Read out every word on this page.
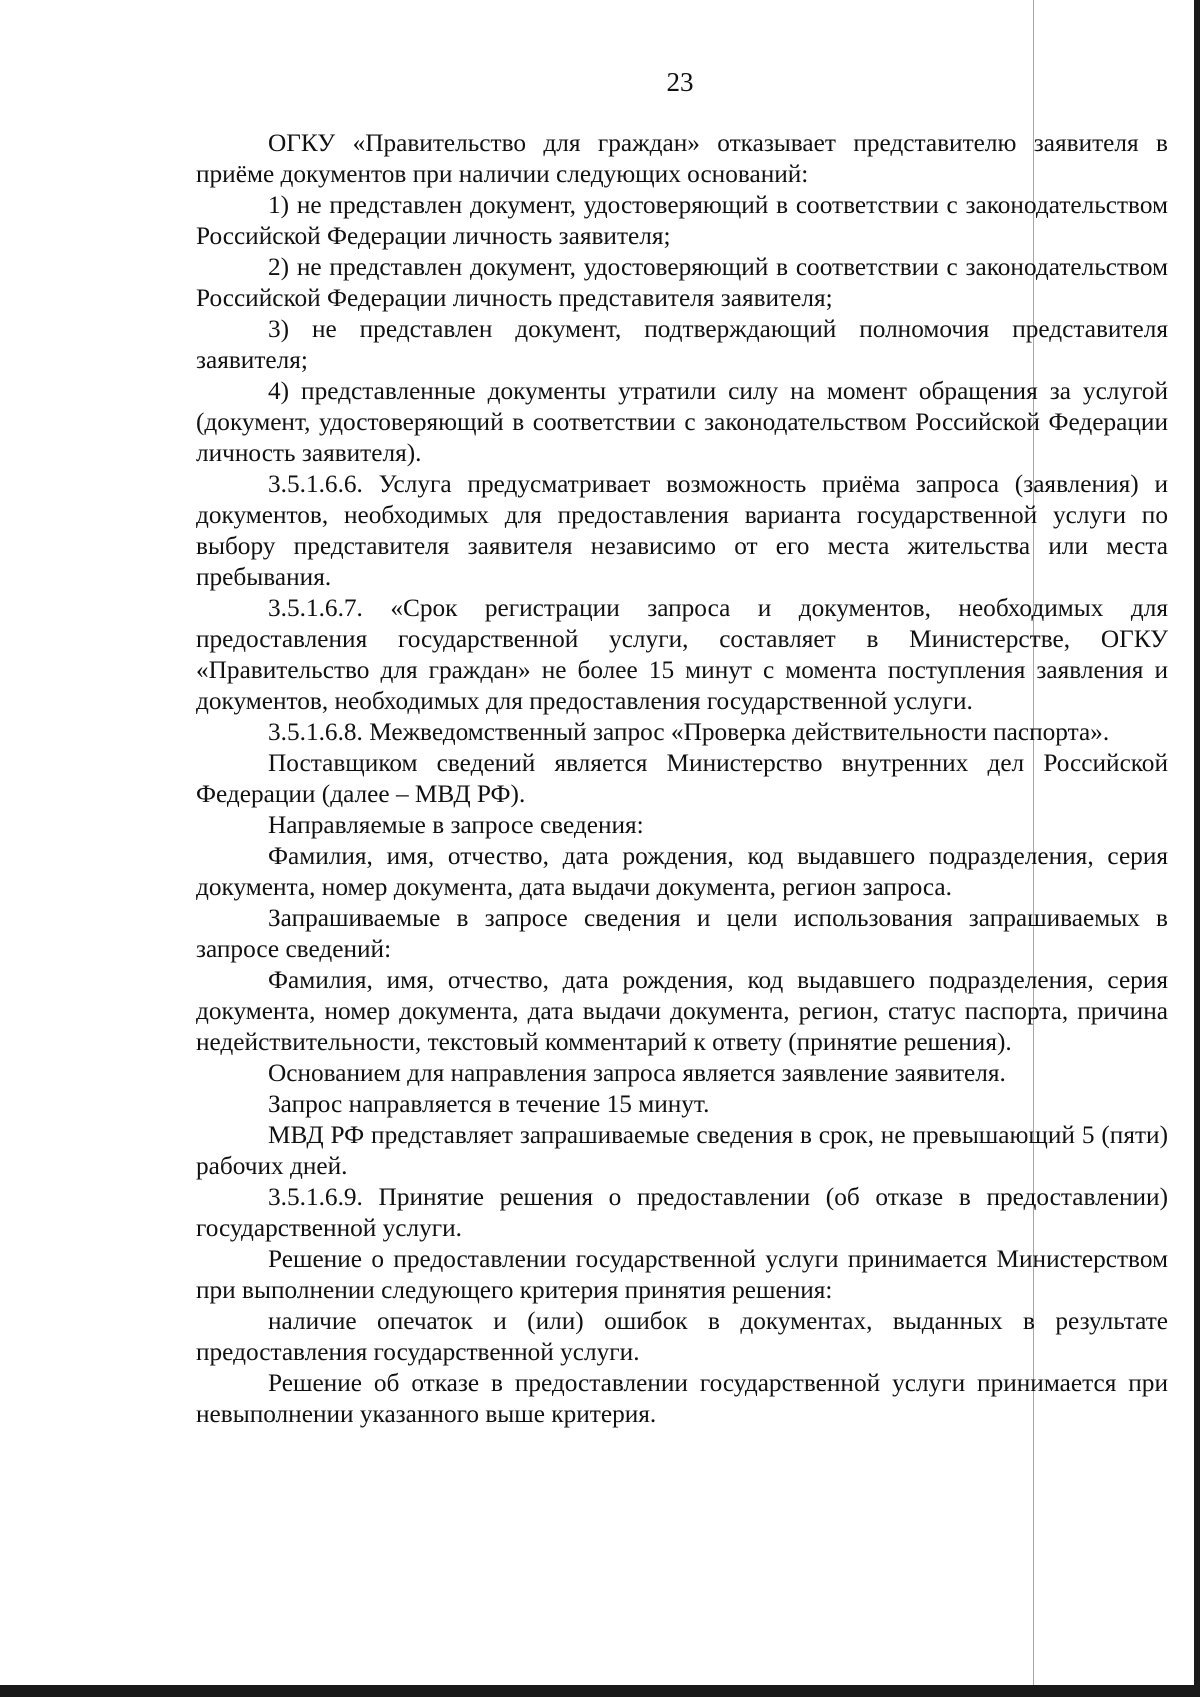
23

ОГКУ «Правительство для граждан» отказывает представителю заявителя в приёме документов при наличии следующих оснований:

1) не представлен документ, удостоверяющий в соответствии с законодательством Российской Федерации личность заявителя;

2) не представлен документ, удостоверяющий в соответствии с законодательством Российской Федерации личность представителя заявителя;

3) не представлен документ, подтверждающий полномочия представителя заявителя;

4) представленные документы утратили силу на момент обращения за услугой (документ, удостоверяющий в соответствии с законодательством Российской Федерации личность заявителя).

3.5.1.6.6. Услуга предусматривает возможность приёма запроса (заявления) и документов, необходимых для предоставления варианта государственной услуги по выбору представителя заявителя независимо от его места жительства или места пребывания.

3.5.1.6.7. «Срок регистрации запроса и документов, необходимых для предоставления государственной услуги, составляет в Министерстве, ОГКУ «Правительство для граждан» не более 15 минут с момента поступления заявления и документов, необходимых для предоставления государственной услуги.

3.5.1.6.8. Межведомственный запрос «Проверка действительности паспорта».

Поставщиком сведений является Министерство внутренних дел Российской Федерации (далее – МВД РФ).

Направляемые в запросе сведения:

Фамилия, имя, отчество, дата рождения, код выдавшего подразделения, серия документа, номер документа, дата выдачи документа, регион запроса.

Запрашиваемые в запросе сведения и цели использования запрашиваемых в запросе сведений:

Фамилия, имя, отчество, дата рождения, код выдавшего подразделения, серия документа, номер документа, дата выдачи документа, регион, статус паспорта, причина недействительности, текстовый комментарий к ответу (принятие решения).

Основанием для направления запроса является заявление заявителя.

Запрос направляется в течение 15 минут.

МВД РФ представляет запрашиваемые сведения в срок, не превышающий 5 (пяти) рабочих дней.

3.5.1.6.9. Принятие решения о предоставлении (об отказе в предоставлении) государственной услуги.

Решение о предоставлении государственной услуги принимается Министерством при выполнении следующего критерия принятия решения:

наличие опечаток и (или) ошибок в документах, выданных в результате предоставления государственной услуги.

Решение об отказе в предоставлении государственной услуги принимается при невыполнении указанного выше критерия.
